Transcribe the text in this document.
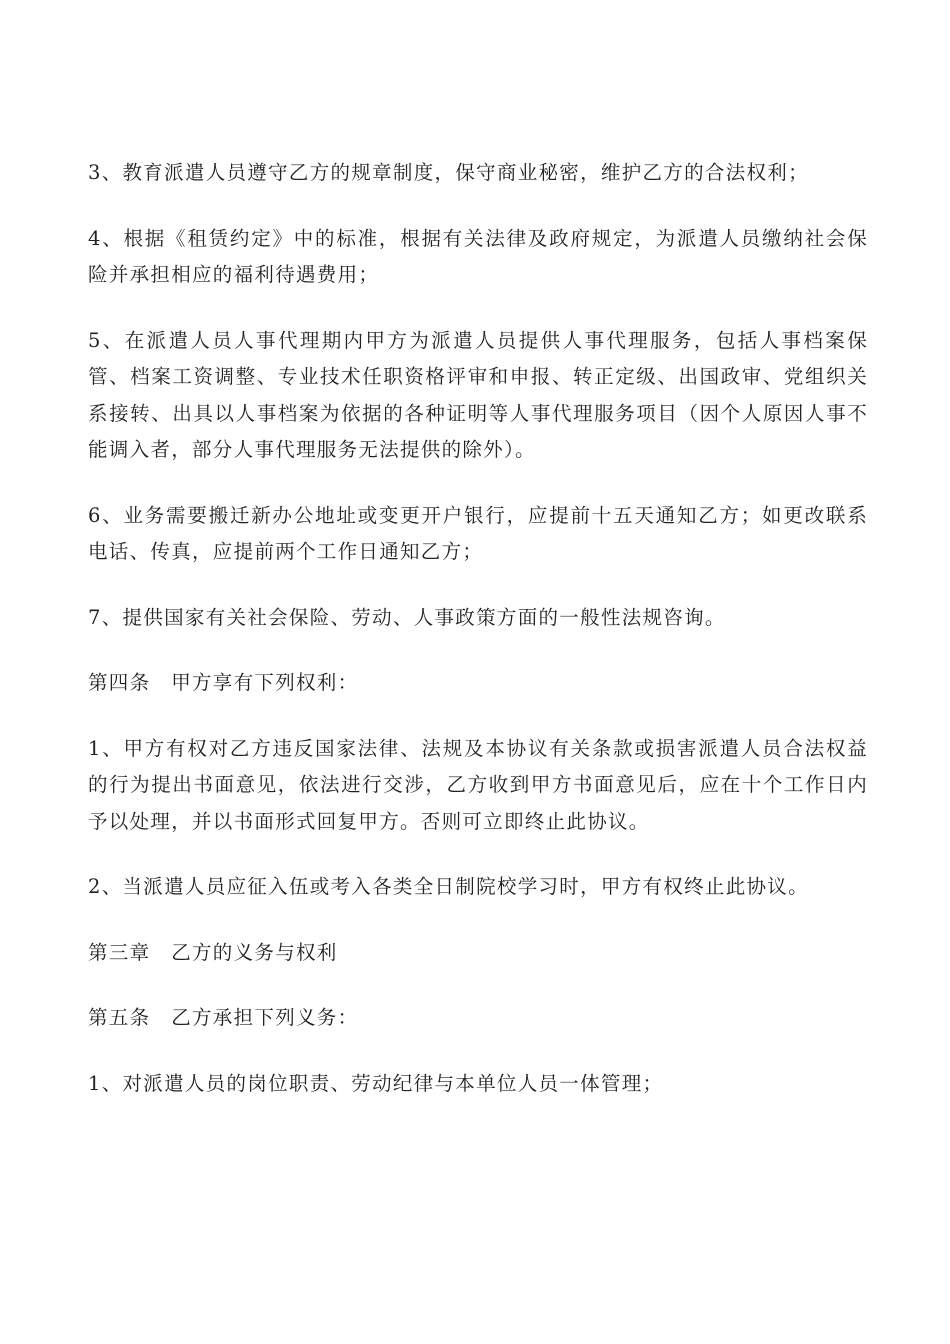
3、教育派遣人员遵守乙方的规章制度，保守商业秘密，维护乙方的合法权利；

4、根据《租赁约定》中的标准，根据有关法律及政府规定，为派遣人员缴纳社会保险并承担相应的福利待遇费用；

5、在派遣人员人事代理期内甲方为派遣人员提供人事代理服务，包括人事档案保管、档案工资调整、专业技术任职资格评审和申报、转正定级、出国政审、党组织关系接转、出具以人事档案为依据的各种证明等人事代理服务项目（因个人原因人事不能调入者，部分人事代理服务无法提供的除外）。

6、业务需要搬迁新办公地址或变更开户银行，应提前十五天通知乙方；如更改联系电话、传真，应提前两个工作日通知乙方；

7、提供国家有关社会保险、劳动、人事政策方面的一般性法规咨询。

第四条　甲方享有下列权利：

1、甲方有权对乙方违反国家法律、法规及本协议有关条款或损害派遣人员合法权益的行为提出书面意见，依法进行交涉，乙方收到甲方书面意见后，应在十个工作日内予以处理，并以书面形式回复甲方。否则可立即终止此协议。

2、当派遣人员应征入伍或考入各类全日制院校学习时，甲方有权终止此协议。

第三章　乙方的义务与权利

第五条　乙方承担下列义务：

1、对派遣人员的岗位职责、劳动纪律与本单位人员一体管理；
